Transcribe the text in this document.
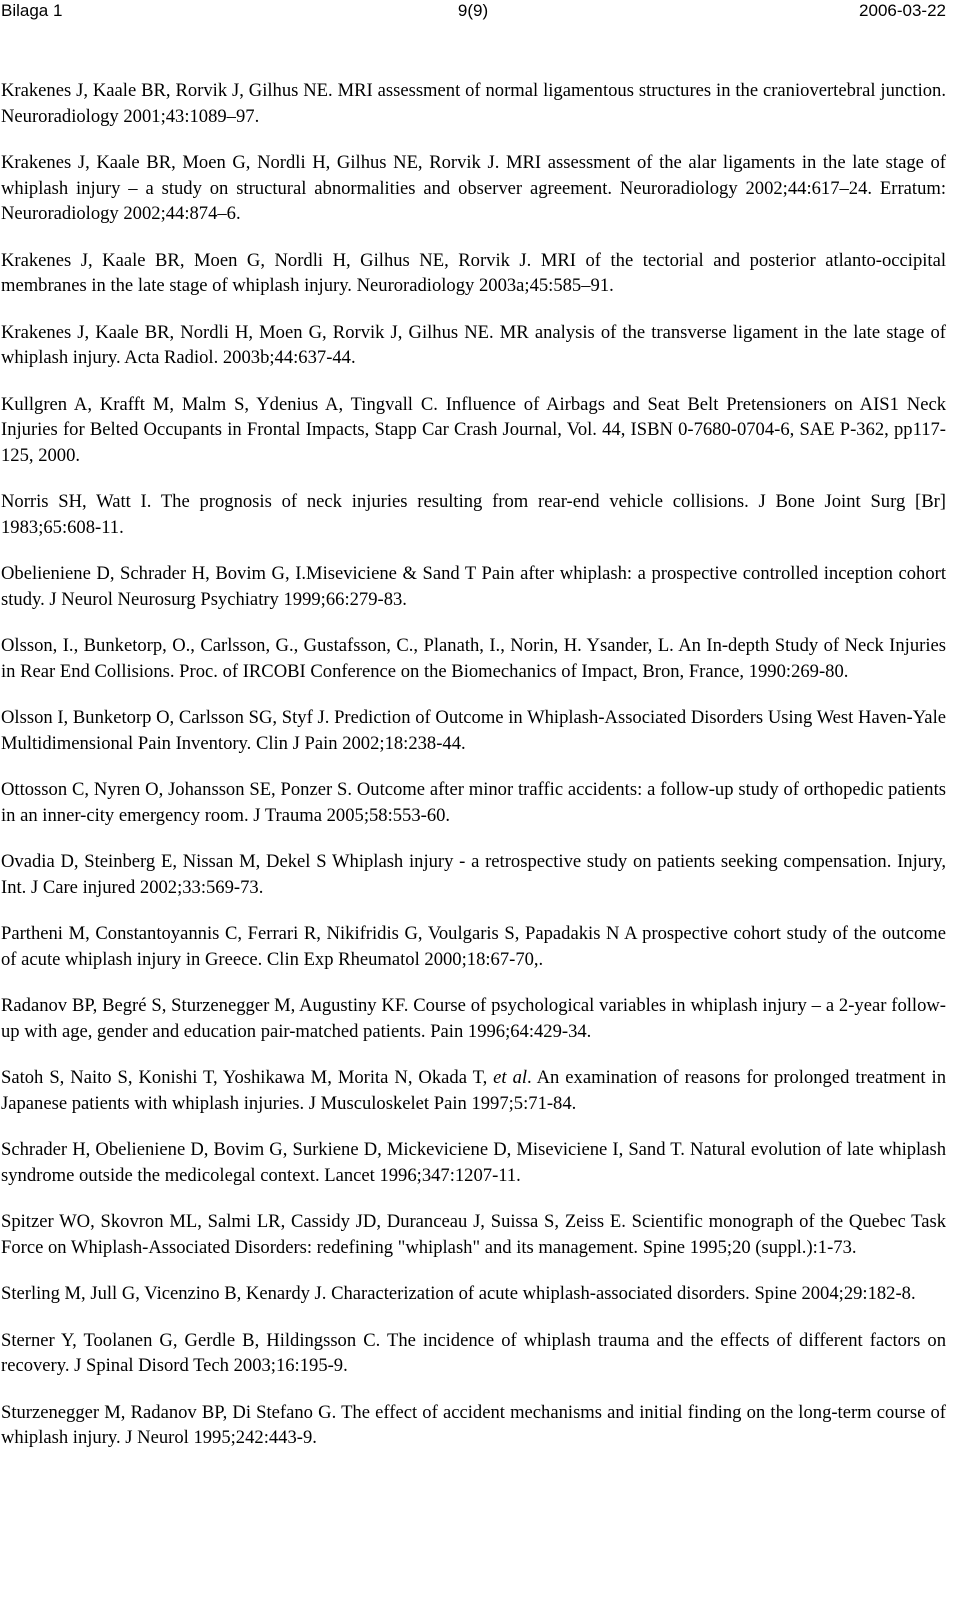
Bilaga 1	9(9)	2006-03-22

Krakenes J, Kaale BR, Rorvik J, Gilhus NE. MRI assessment of normal ligamentous structures in the craniovertebral junction. Neuroradiology 2001;43:1089–97.

Krakenes J, Kaale BR, Moen G, Nordli H, Gilhus NE, Rorvik J. MRI assessment of the alar ligaments in the late stage of whiplash injury – a study on structural abnormalities and observer agreement. Neuroradiology 2002;44:617–24. Erratum: Neuroradiology 2002;44:874–6.

Krakenes J, Kaale BR, Moen G, Nordli H, Gilhus NE, Rorvik J. MRI of the tectorial and posterior atlanto-occipital membranes in the late stage of whiplash injury. Neuroradiology 2003a;45:585–91.

Krakenes J, Kaale BR, Nordli H, Moen G, Rorvik J, Gilhus NE. MR analysis of the transverse ligament in the late stage of whiplash injury. Acta Radiol. 2003b;44:637-44.

Kullgren A, Krafft M, Malm S, Ydenius A, Tingvall C. Influence of Airbags and Seat Belt Pretensioners on AIS1 Neck Injuries for Belted Occupants in Frontal Impacts, Stapp Car Crash Journal, Vol. 44, ISBN 0-7680-0704-6, SAE P-362, pp117-125, 2000.

Norris SH, Watt I. The prognosis of neck injuries resulting from rear-end vehicle collisions. J Bone Joint Surg [Br] 1983;65:608-11.

Obelieniene D, Schrader H, Bovim G, I.Miseviciene & Sand T Pain after whiplash: a prospective controlled inception cohort study. J Neurol Neurosurg Psychiatry 1999;66:279-83.

Olsson, I., Bunketorp, O., Carlsson, G., Gustafsson, C., Planath, I., Norin, H. Ysander, L. An In-depth Study of Neck Injuries in Rear End Collisions. Proc. of IRCOBI Conference on the Biomechanics of Impact, Bron, France, 1990:269-80.

Olsson I, Bunketorp O, Carlsson SG, Styf J. Prediction of Outcome in Whiplash-Associated Disorders Using West Haven-Yale Multidimensional Pain Inventory. Clin J Pain 2002;18:238-44.

Ottosson C, Nyren O, Johansson SE, Ponzer S. Outcome after minor traffic accidents: a follow-up study of orthopedic patients in an inner-city emergency room. J Trauma 2005;58:553-60.

Ovadia D, Steinberg E, Nissan M, Dekel S Whiplash injury - a retrospective study on patients seeking compensation. Injury, Int. J Care injured 2002;33:569-73.

Partheni M, Constantoyannis C, Ferrari R, Nikifridis G, Voulgaris S, Papadakis N A prospective cohort study of the outcome of acute whiplash injury in Greece. Clin Exp Rheumatol 2000;18:67-70,.

Radanov BP, Begré S, Sturzenegger M, Augustiny KF. Course of psychological variables in whiplash injury – a 2-year follow-up with age, gender and education pair-matched patients. Pain 1996;64:429-34.

Satoh S, Naito S, Konishi T, Yoshikawa M, Morita N, Okada T, et al. An examination of reasons for prolonged treatment in Japanese patients with whiplash injuries. J Musculoskelet Pain 1997;5:71-84.

Schrader H, Obelieniene D, Bovim G, Surkiene D, Mickeviciene D, Miseviciene I, Sand T. Natural evolution of late whiplash syndrome outside the medicolegal context. Lancet 1996;347:1207-11.

Spitzer WO, Skovron ML, Salmi LR, Cassidy JD, Duranceau J, Suissa S, Zeiss E. Scientific monograph of the Quebec Task Force on Whiplash-Associated Disorders: redefining "whiplash" and its management. Spine 1995;20 (suppl.):1-73.

Sterling M, Jull G, Vicenzino B, Kenardy J. Characterization of acute whiplash-associated disorders. Spine 2004;29:182-8.

Sterner Y, Toolanen G, Gerdle B, Hildingsson C. The incidence of whiplash trauma and the effects of different factors on recovery. J Spinal Disord Tech 2003;16:195-9.

Sturzenegger M, Radanov BP, Di Stefano G. The effect of accident mechanisms and initial finding on the long-term course of whiplash injury. J Neurol 1995;242:443-9.
